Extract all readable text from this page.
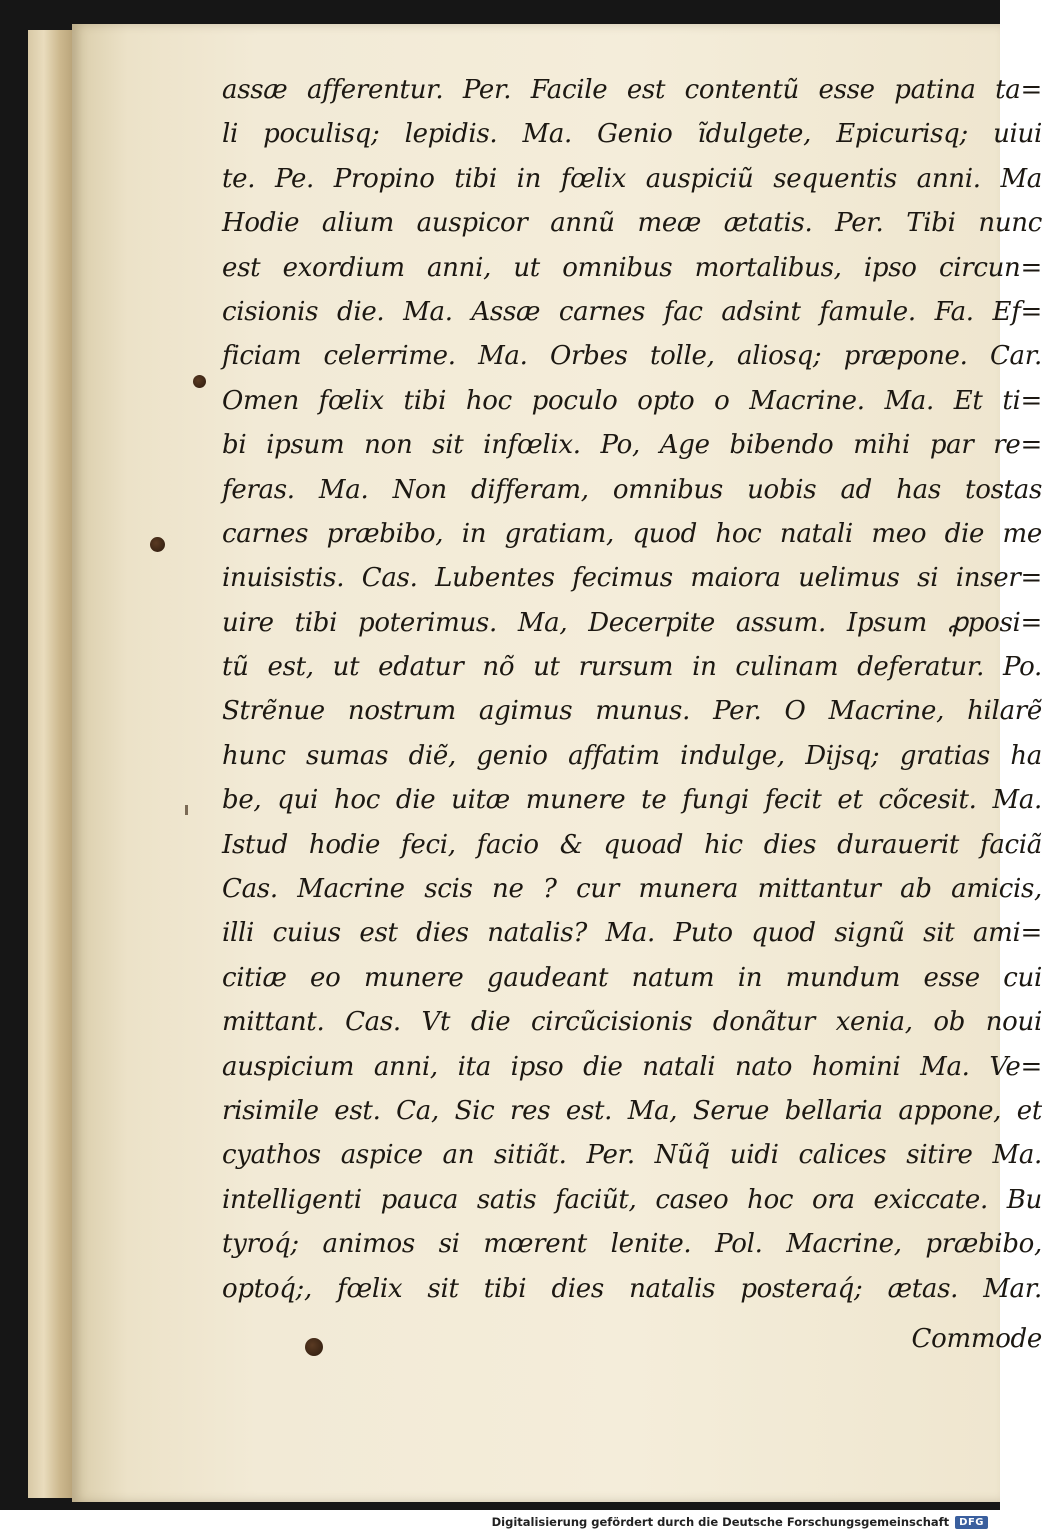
assæ afferentur. Per. Facile est contentũ esse patina ta=
li poculisq; lepidis. Ma. Genio ĩdulgete, Epicurisq; uiui
te. Pe. Propino tibi in fœlix auspiciũ sequentis anni. Ma
Hodie alium auspicor annũ meæ ætatis. Per. Tibi nunc
est exordium anni, ut omnibus mortalibus, ipso circun=
cisionis die. Ma. Assæ carnes fac adsint famule. Fa. Ef=
ficiam celerrime. Ma. Orbes tolle, aliosq; præpone. Car.
Omen fœlix tibi hoc poculo opto o Macrine. Ma. Et ti=
bi ipsum non sit infœlix. Po, Age bibendo mihi par re=
feras. Ma. Non differam, omnibus uobis ad has tostas
carnes præbibo, in gratiam, quod hoc natali meo die me
inuisistis. Cas. Lubentes fecimus maiora uelimus si inser=
uire tibi poterimus. Ma, Decerpite assum. Ipsum ꝓposi=
tũ est, ut edatur nõ ut rursum in culinam deferatur. Po.
Strẽnue nostrum agimus munus. Per. O Macrine, hilarẽ
hunc sumas diẽ, genio affatim indulge, Dijsq; gratias ha
be, qui hoc die uitæ munere te fungi fecit et cõcesit. Ma.
Istud hodie feci, facio & quoad hic dies durauerit faciã
Cas. Macrine scis ne ? cur munera mittantur ab amicis,
illi cuius est dies natalis? Ma. Puto quod signũ sit ami=
citiæ eo munere gaudeant natum in mundum esse cui
mittant. Cas. Vt die circũcisionis donãtur xenia, ob noui
auspicium anni, ita ipso die natali nato homini Ma. Ve=
risimile est. Ca, Sic res est. Ma, Serue bellaria appone, et
cyathos aspice an sitiãt. Per. Nũq̃ uidi calices sitire Ma.
intelligenti pauca satis faciũt, caseo hoc ora exiccate. Bu
tyroq́; animos si mœrent lenite. Pol. Macrine, præbibo,
optoq́;, fœlix sit tibi dies natalis posteraq́; ætas. Mar.
Commode
Digitalisierung gefördert durch die Deutsche Forschungsgemeinschaft	DFG
